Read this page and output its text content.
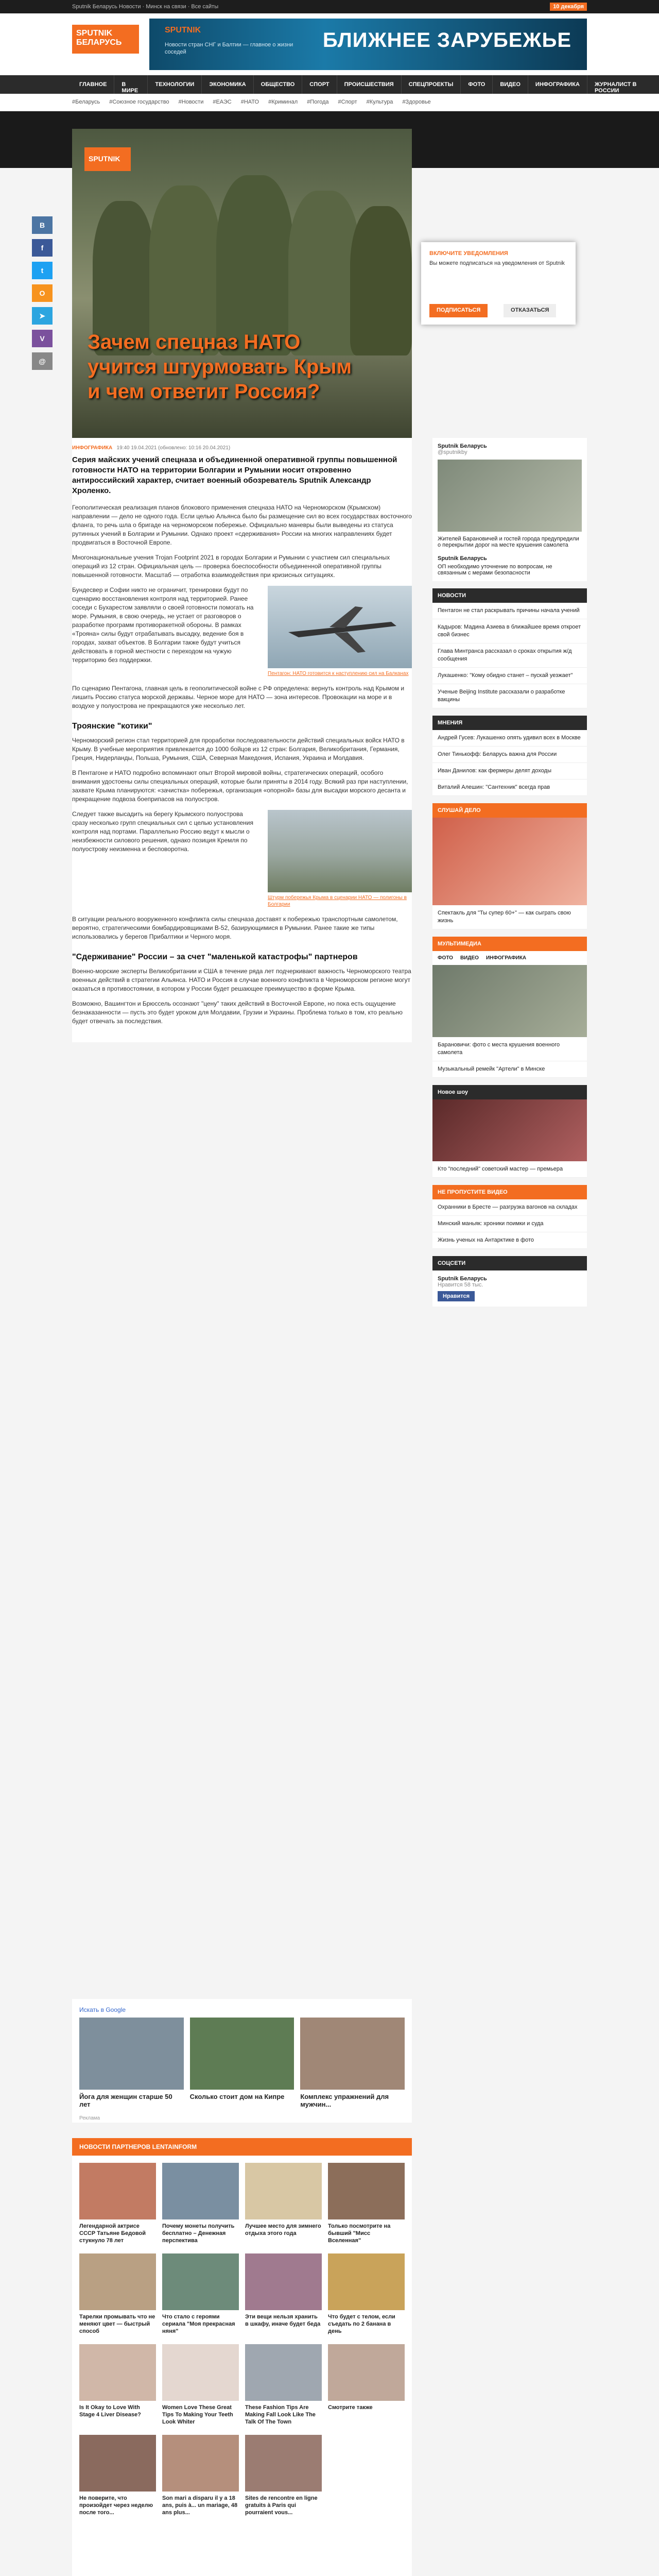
Sputnik Беларусь Новости · Минск на связи · Все сайты	10 декабря
SPUTNIK БЕЛАРУСЬ
SPUTNIK
Новости стран СНГ и Балтии — главное о жизни соседей
БЛИЖНЕЕ ЗАРУБЕЖЬЕ
ГЛАВНОЕ	В МИРЕ
ТЕХНОЛОГИИ	ЭКОНОМИКА	ОБЩЕСТВО	СПОРТ	ПРОИСШЕСТВИЯ	СПЕЦПРОЕКТЫ	ФОТО	ВИДЕО	ИНФОГРАФИКА	ЖУРНАЛИСТ В РОССИИ
#Беларусь #Союзное государство #Новости #ЕАЭС #НАТО #Криминал #Погода #Спорт #Культура #Здоровье
В
f
t
О
➤
V
@
SPUTNIK
Зачем спецназ НАТО
учится штурмовать Крым
и чем ответит Россия?
ИНФОГРАФИКА 19:40 19.04.2021 (обновлено: 10:16 20.04.2021)
Серия майских учений спецназа и объединенной оперативной группы повышенной готовности НАТО на территории Болгарии и Румынии носит откровенно антироссийский характер, считает военный обозреватель Sputnik Александр Хроленко.
Геополитическая реализация планов блокового применения спецназа НАТО на Черноморском (Крымском) направлении — дело не одного года. Если целью Альянса было бы размещение сил во всех государствах восточного фланга, то речь шла о бригаде на черноморском побережье. Официально маневры были выведены из статуса рутинных учений в Болгарии и Румынии. Однако проект «сдерживания» России на многих направлениях будет продвигаться в Восточной Европе.
Многонациональные учения Trojan Footprint 2021 в городах Болгарии и Румынии с участием сил специальных операций из 12 стран. Официальная цель — проверка боеспособности объединенной оперативной группы повышенной готовности. Масштаб — отработка взаимодействия при кризисных ситуациях.
Пентагон: НАТО готовится к наступлению сил на Балканах
Бундесвер и Софии никто не ограничит, тренировки будут по сценарию восстановления контроля над территорией. Ранее соседи с Бухарестом заявляли о своей готовности помогать на море. Румыния, в свою очередь, не устает от разговоров о разработке программ противоракетной обороны. В рамках «Трояна» силы будут отрабатывать высадку, ведение боя в городах, захват объектов. В Болгарии также будут учиться действовать в горной местности с переходом на чужую территорию без поддержки.
По сценарию Пентагона, главная цель в геополитической войне с РФ определена: вернуть контроль над Крымом и лишить Россию статуса морской державы. Черное море для НАТО — зона интересов. Провокации на море и в воздухе у полуострова не прекращаются уже несколько лет.
Троянские "котики"
Черноморский регион стал территорией для проработки последовательности действий специальных войск НАТО в Крыму. В учебные мероприятия привлекается до 1000 бойцов из 12 стран: Болгария, Великобритания, Германия, Греция, Нидерланды, Польша, Румыния, США, Северная Македония, Испания, Украина и Молдавия.
В Пентагоне и НАТО подробно вспоминают опыт Второй мировой войны, стратегических операций, особого внимания удостоены силы специальных операций, которые были приняты в 2014 году. Всякий раз при наступлении, захвате Крыма планируются: «зачистка» побережья, организация «опорной» базы для высадки морского десанта и прекращение подвоза боеприпасов на полуостров.
Штурм побережья Крыма в сценарии НАТО — полигоны в Болгарии
Следует также высадить на берегу Крымского полуострова сразу несколько групп специальных сил с целью установления контроля над портами. Параллельно Россию ведут к мысли о неизбежности силового решения, однако позиция Кремля по полуострову неизменна и бесповоротна.
В ситуации реального вооруженного конфликта силы спецназа доставят к побережью транспортным самолетом, вероятно, стратегическими бомбардировщиками B-52, базирующимися в Румынии. Ранее такие же типы использовались у берегов Прибалтики и Черного моря.
"Сдерживание" России – за счет "маленькой катастрофы" партнеров
Военно-морские эксперты Великобритании и США в течение ряда лет подчеркивают важность Черноморского театра военных действий в стратегии Альянса. НАТО и Россия в случае военного конфликта в Черноморском регионе могут оказаться в противостоянии, в котором у России будет решающее преимущество в форме Крыма.
Возможно, Вашингтон и Брюссель осознают "цену" таких действий в Восточной Европе, но пока есть ощущение безнаказанности — пусть это будет уроком для Молдавии, Грузии и Украины. Проблема только в том, кто реально будет отвечать за последствия.
Искать в Google
Йога для женщин старше 50 лет
Сколько стоит дом на Кипре	Комплекс упражнений для мужчин...
Реклама
НОВОСТИ ПАРТНЕРОВ LENTAINFORM
Легендарной актрисе СССР Татьяне Бедовой стукнуло 78 лет
Почему монеты получить бесплатно – Денежная перспектива
Лучшее место для зимнего отдыха этого года
Только посмотрите на бывший "Мисс Вселенная"
Тарелки промывать что не меняют цвет — быстрый способ
Что стало с героями сериала "Моя прекрасная няня"
Эти вещи нельзя хранить в шкафу, иначе будет беда
Что будет с телом, если съедать по 2 банана в день
Is It Okay to Love With Stage 4 Liver Disease?
Women Love These Great Tips To Making Your Teeth Look Whiter
These Fashion Tips Are Making Fall Look Like The Talk Of The Town
Смотрите также
Не поверите, что произойдет через неделю после того...
Son mari a disparu il y a 18 ans, puis à... un mariage, 48 ans plus...
Sites de rencontre en ligne gratuits à Paris qui pourraient vous...
Sputnik Беларусь
@sputnikby
Жителей Барановичей и гостей города предупредили о перекрытии дорог на месте крушения самолета
Sputnik Беларусь
ОП необходимо уточнение по вопросам, не связанным с мерами безопасности
НОВОСТИ
Пентагон не стал раскрывать причины начала учений
Кадыров: Мадина Азиева в ближайшее время откроет свой бизнес
Глава Минтранса рассказал о сроках открытия ж/д сообщения
Лукашенко: "Кому обидно станет – пускай уезжает"
Ученые Beijing Institute рассказали о разработке вакцины
МНЕНИЯ
Андрей Гусев: Лукашенко опять удивил всех в Москве
Олег Тинькофф: Беларусь важна для России
Иван Данилов: как фермеры делят доходы
Виталий Алешин: "Сантехник" всегда прав
СЛУШАЙ ДЕЛО
Спектакль для "Ты супер 60+" — как сыграть свою жизнь
МУЛЬТИМЕДИА
ФОТО ВИДЕО ИНФОГРАФИКА
Барановичи: фото с места крушения военного самолета
Музыкальный ремейк "Артели" в Минске
Новое шоу
Кто "последний" советский мастер — премьера
НЕ ПРОПУСТИТЕ ВИДЕО
Охранники в Бресте — разгрузка вагонов на складах
Минский маньяк: хроники поимки и суда
Жизнь ученых на Антарктике в фото
СОЦСЕТИ
Sputnik Беларусь
Нравится 58 тыс.
Нравится
ВКЛЮЧИТЕ УВЕДОМЛЕНИЯ
Вы можете подписаться на уведомления от Sputnik
ПОДПИСАТЬСЯ	ОТКАЗАТЬСЯ
